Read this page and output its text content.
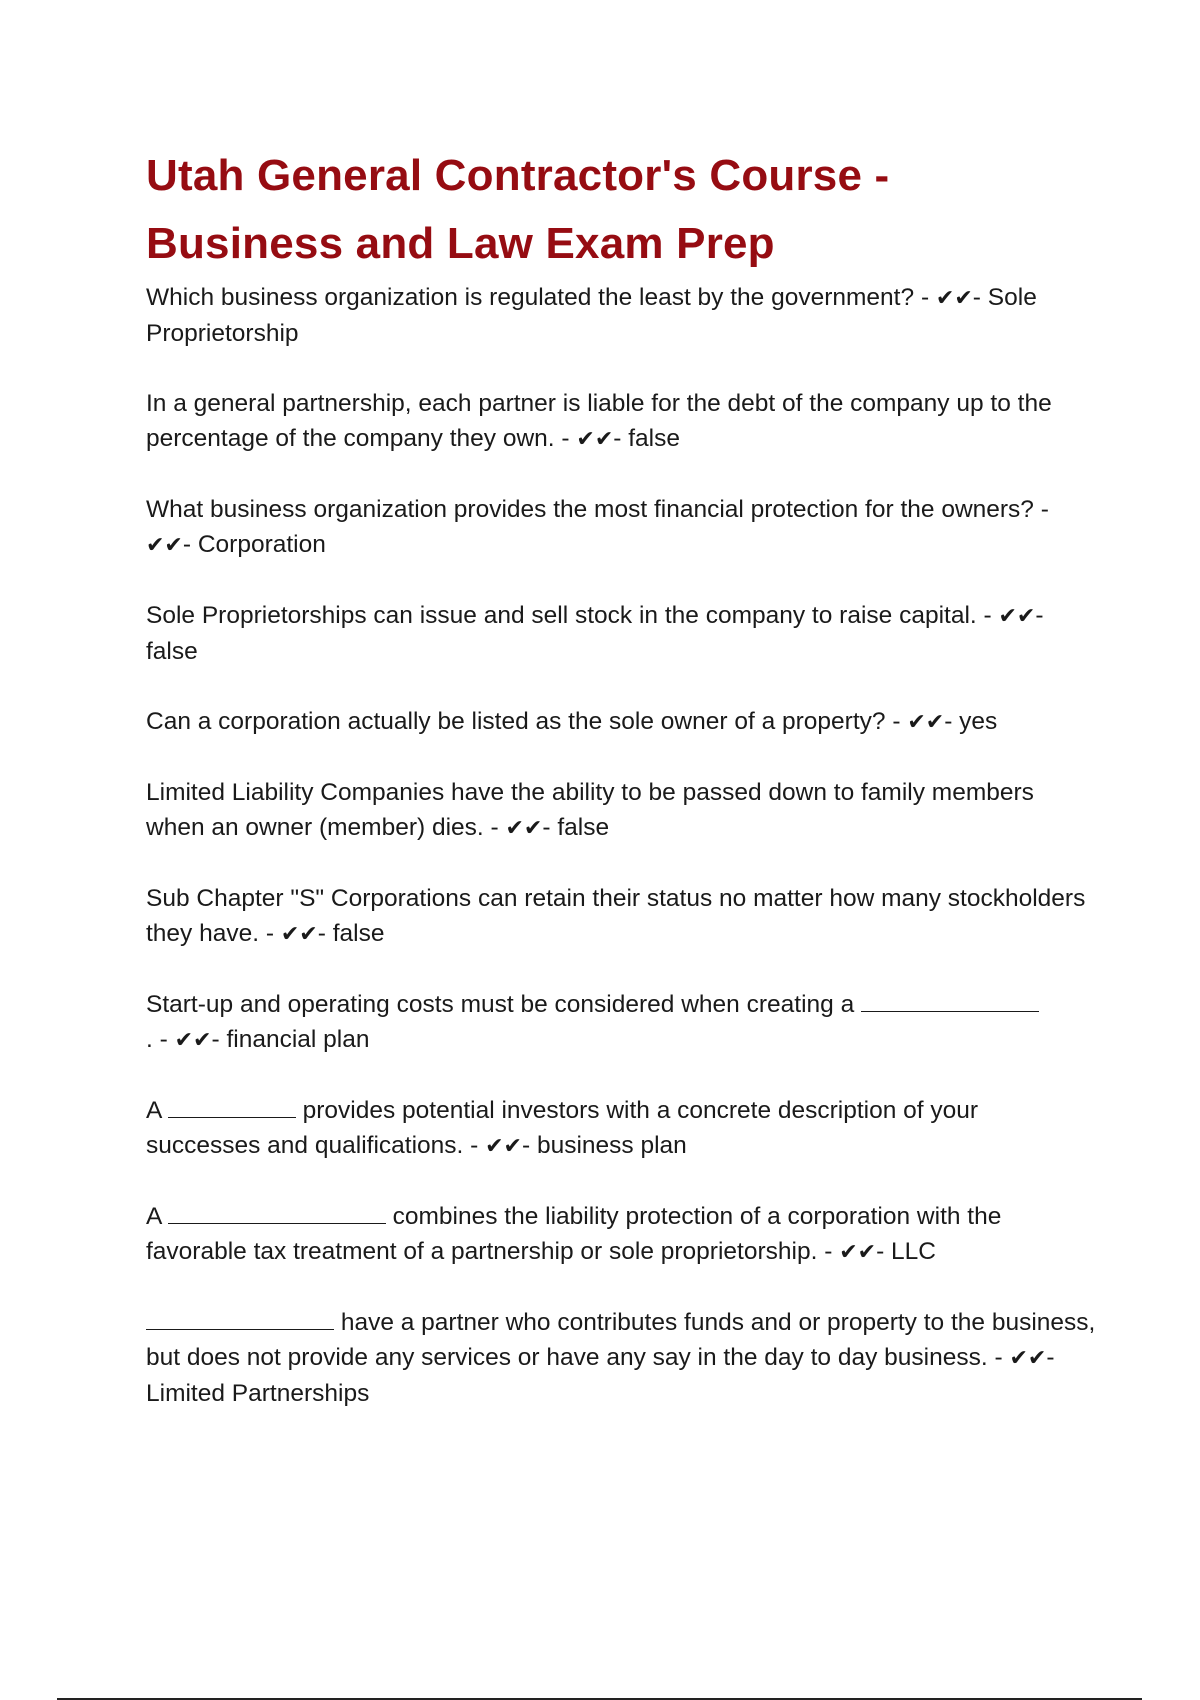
Utah General Contractor's Course -
Business and Law Exam Prep

Which business organization is regulated the least by the government? - ✔✔- Sole Proprietorship

In a general partnership, each partner is liable for the debt of the company up to the percentage of the company they own. - ✔✔- false

What business organization provides the most financial protection for the owners? - ✔✔- Corporation

Sole Proprietorships can issue and sell stock in the company to raise capital. - ✔✔- false

Can a corporation actually be listed as the sole owner of a property? - ✔✔- yes

Limited Liability Companies have the ability to be passed down to family members when an owner (member) dies. - ✔✔- false

Sub Chapter "S" Corporations can retain their status no matter how many stockholders they have. - ✔✔- false

Start-up and operating costs must be considered when creating a
. - ✔✔- financial plan

A	provides potential investors with a concrete description of your successes and qualifications. - ✔✔- business plan

A	combines the liability protection of a corporation with the favorable tax treatment of a partnership or sole proprietorship. - ✔✔- LLC

have a partner who contributes funds and or property to the business, but does not provide any services or have any say in the day to day business. - ✔✔- Limited Partnerships
